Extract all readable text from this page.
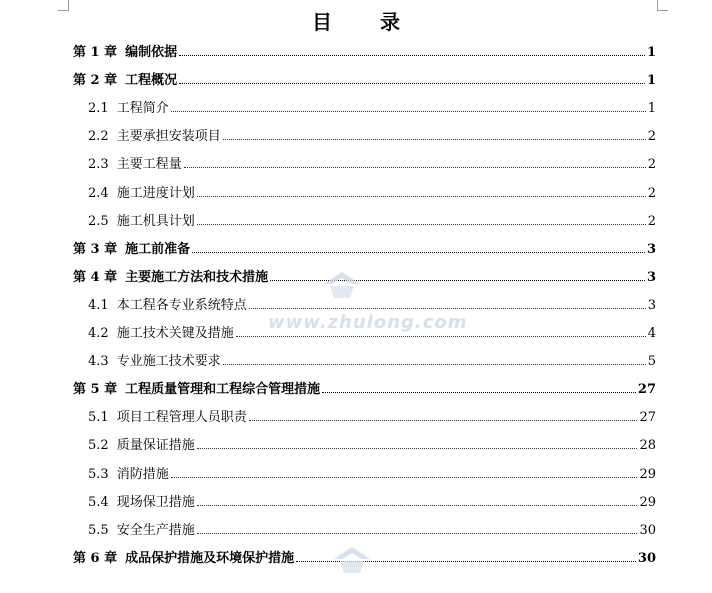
目　录
第 1 章 编制依据	1
第 2 章 工程概况	1
2.1 工程简介	1
2.2 主要承担安装项目	2
2.3 主要工程量	2
2.4 施工进度计划	2
2.5 施工机具计划	2
第 3 章 施工前准备	3
第 4 章 主要施工方法和技术措施	3
4.1 本工程各专业系统特点	3
4.2 施工技术关键及措施	4
4.3 专业施工技术要求	5
第 5 章 工程质量管理和工程综合管理措施	27
5.1 项目工程管理人员职责	27
5.2 质量保证措施	28
5.3 消防措施	29
5.4 现场保卫措施	29
5.5 安全生产措施	30
第 6 章 成品保护措施及环境保护措施	30
www.zhulong.com
